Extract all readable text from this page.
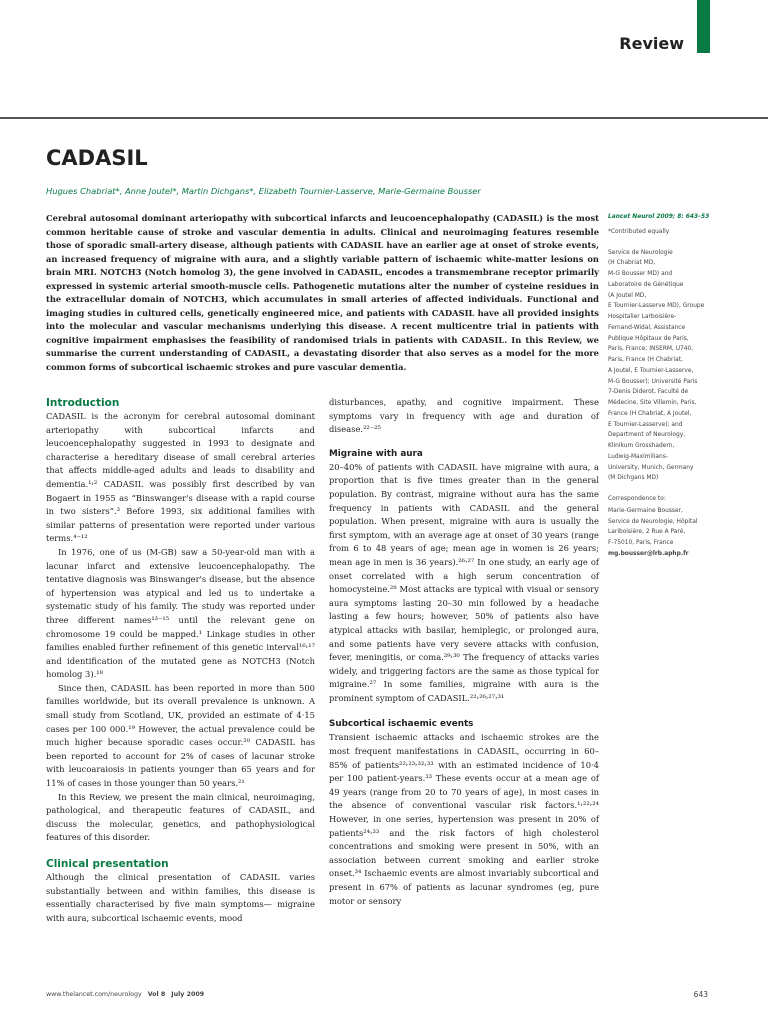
Review
CADASIL
Hugues Chabriat*, Anne Joutel*, Martin Dichgans*, Elizabeth Tournier-Lasserve, Marie-Germaine Bousser

Cerebral autosomal dominant arteriopathy with subcortical infarcts and leucoencephalopathy (CADASIL) is the most common heritable cause of stroke and vascular dementia in adults. Clinical and neuroimaging features resemble those of sporadic small-artery disease, although patients with CADASIL have an earlier age at onset of stroke events, an increased frequency of migraine with aura, and a slightly variable pattern of ischaemic white-matter lesions on brain MRI. NOTCH3 (Notch homolog 3), the gene involved in CADASIL, encodes a transmembrane receptor primarily expressed in systemic arterial smooth-muscle cells. Pathogenetic mutations alter the number of cysteine residues in the extracellular domain of NOTCH3, which accumulates in small arteries of affected individuals. Functional and imaging studies in cultured cells, genetically engineered mice, and patients with CADASIL have all provided insights into the molecular and vascular mechanisms underlying this disease. A recent multicentre trial in patients with cognitive impairment emphasises the feasibility of randomised trials in patients with CADASIL. In this Review, we summarise the current understanding of CADASIL, a devastating disorder that also serves as a model for the more common forms of subcortical ischaemic strokes and pure vascular dementia.

Introduction

CADASIL is the acronym for cerebral autosomal dominant arteriopathy with subcortical infarcts and leucoencephalopathy suggested in 1993 to designate and characterise a hereditary disease of small cerebral arteries that affects middle-aged adults and leads to disability and dementia.¹˒² CADASIL was possibly first described by van Bogaert in 1955 as “Binswanger's disease with a rapid course in two sisters”.³ Before 1993, six additional families with similar patterns of presentation were reported under various terms.⁴⁻¹²

In 1976, one of us (M-GB) saw a 50-year-old man with a lacunar infarct and extensive leucoencephalopathy. The tentative diagnosis was Binswanger's disease, but the absence of hypertension was atypical and led us to undertake a systematic study of his family. The study was reported under three different names¹³⁻¹⁵ until the relevant gene on chromosome 19 could be mapped.¹ Linkage studies in other families enabled further refinement of this genetic interval¹⁶˒¹⁷ and identification of the mutated gene as NOTCH3 (Notch homolog 3).¹⁸

Since then, CADASIL has been reported in more than 500 families worldwide, but its overall prevalence is unknown. A small study from Scotland, UK, provided an estimate of 4·15 cases per 100 000.¹⁹ However, the actual prevalence could be much higher because sporadic cases occur.²⁰ CADASIL has been reported to account for 2% of cases of lacunar stroke with leucoaraiosis in patients younger than 65 years and for 11% of cases in those younger than 50 years.²¹

In this Review, we present the main clinical, neuroimaging, pathological, and therapeutic features of CADASIL, and discuss the molecular, genetics, and pathophysiological features of this disorder.

Clinical presentation

Although the clinical presentation of CADASIL varies substantially between and within families, this disease is essentially characterised by five main symptoms— migraine with aura, subcortical ischaemic events, mood

disturbances, apathy, and cognitive impairment. These symptoms vary in frequency with age and duration of disease.²²⁻²⁵

Migraine with aura

20–40% of patients with CADASIL have migraine with aura, a proportion that is five times greater than in the general population. By contrast, migraine without aura has the same frequency in patients with CADASIL and the general population. When present, migraine with aura is usually the first symptom, with an average age at onset of 30 years (range from 6 to 48 years of age; mean age in women is 26 years; mean age in men is 36 years).²⁶˒²⁷ In one study, an early age of onset correlated with a high serum concentration of homocysteine.²⁸ Most attacks are typical with visual or sensory aura symptoms lasting 20–30 min followed by a headache lasting a few hours; however, 50% of patients also have atypical attacks with basilar, hemiplegic, or prolonged aura, and some patients have very severe attacks with confusion, fever, meningitis, or coma.²⁹˒³⁰ The frequency of attacks varies widely, and triggering factors are the same as those typical for migraine.²⁷ In some families, migraine with aura is the prominent symptom of CADASIL.²²˒²⁶˒²⁷˒³¹

Subcortical ischaemic events

Transient ischaemic attacks and ischaemic strokes are the most frequent manifestations in CADASIL, occurring in 60–85% of patients²²˒²³˒³²˒³³ with an estimated incidence of 10·4 per 100 patient-years.³³ These events occur at a mean age of 49 years (range from 20 to 70 years of age), in most cases in the absence of conventional vascular risk factors.¹˒²²˒²⁴ However, in one series, hypertension was present in 20% of patients²⁴˒³³ and the risk factors of high cholesterol concentrations and smoking were present in 50%, with an association between current smoking and earlier stroke onset.³⁴ Ischaemic events are almost invariably subcortical and present in 67% of patients as lacunar syndromes (eg, pure motor or sensory

Lancet Neurol 2009; 8: 643–53
*Contributed equally
Service de Neurologie
(H Chabriat MD,
M-G Bousser MD) and
Laboratoire de Génétique
(A Joutel MD,
E Tournier-Lasserve MD), Groupe
Hospitalier Larboisière-
Fernand-Widal, Assistance
Publique Hôpitaux de Paris,
Paris, France; INSERM, U740,
Paris, France (H Chabriat,
A Joutel, E Tournier-Lasserve,
M-G Bousser); Université Paris
7-Denis Diderot, Faculté de
Médecine, Site Villemin, Paris,
France (H Chabriat, A Joutel,
E Tournier-Lasserve); and
Department of Neurology,
Klinikum Grosshadern,
Ludwig-Maximilians-
University, Munich, Germany
(M Dichgans MD)
Correspondence to:
Marie-Germaine Bousser,
Service de Neurologie, Hôpital
Lariboisière, 2 Rue A Paré,
F-75010, Paris, France
mg.bousser@lrb.aphp.fr
www.thelancet.com/neurology Vol 8 July 2009	643
